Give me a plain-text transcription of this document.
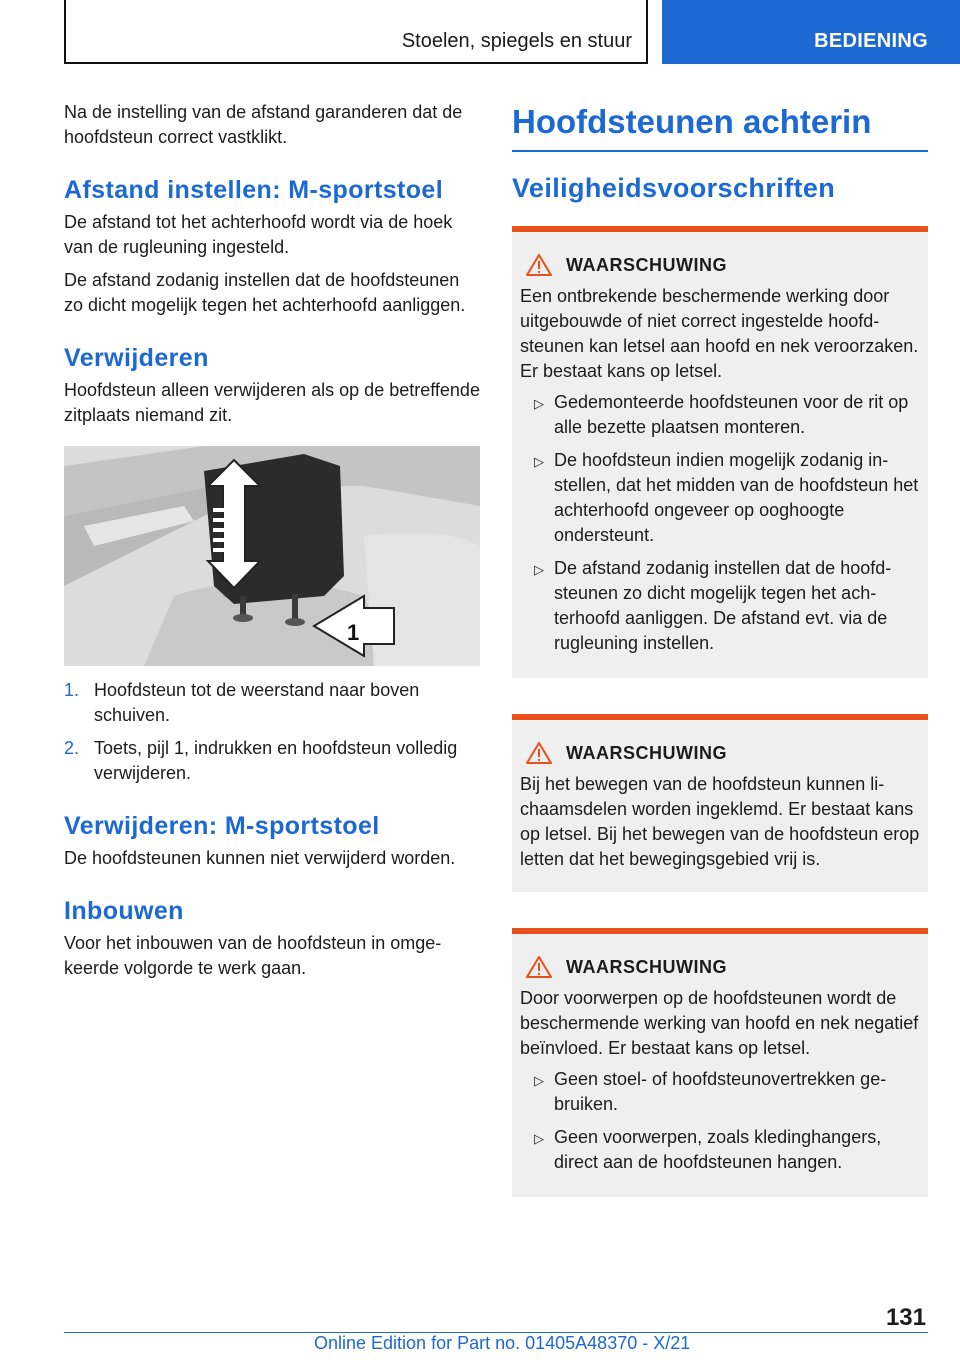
Stoelen, spiegels en stuur	BEDIENING

Na de instelling van de afstand garanderen dat de hoofdsteun correct vastklikt.

Afstand instellen: M-sportstoel

De afstand tot het achterhoofd wordt via de hoek van de rugleuning ingesteld.

De afstand zodanig instellen dat de hoofdsteunen zo dicht mogelijk tegen het achterhoofd aanliggen.

Verwijderen

Hoofdsteun alleen verwijderen als op de betreffende zitplaats niemand zit.

1
1. Hoofdsteun tot de weerstand naar boven schuiven.
2. Toets, pijl 1, indrukken en hoofdsteun volledig verwijderen.
Verwijderen: M-sportstoel

De hoofdsteunen kunnen niet verwijderd worden.

Inbouwen

Voor het inbouwen van de hoofdsteun in omgekeerde volgorde te werk gaan.

Hoofdsteunen achterin
Veiligheidsvoorschriften
WAARSCHUWING

Een ontbrekende beschermende werking door uitgebouwde of niet correct ingestelde hoofdsteunen kan letsel aan hoofd en nek veroorzaken. Er bestaat kans op letsel.

▷ Gedemonteerde hoofdsteunen voor de rit op alle bezette plaatsen monteren.
▷ De hoofdsteun indien mogelijk zodanig instellen, dat het midden van de hoofdsteun het achterhoofd ongeveer op ooghoogte ondersteunt.
▷ De afstand zodanig instellen dat de hoofdsteunen zo dicht mogelijk tegen het achterhoofd aanliggen. De afstand evt. via de rugleuning instellen.
WAARSCHUWING

Bij het bewegen van de hoofdsteun kunnen lichaamsdelen worden ingeklemd. Er bestaat kans op letsel. Bij het bewegen van de hoofdsteun erop letten dat het bewegingsgebied vrij is.

WAARSCHUWING

Door voorwerpen op de hoofdsteunen wordt de beschermende werking van hoofd en nek negatief beïnvloed. Er bestaat kans op letsel.

▷ Geen stoel- of hoofdsteunovertrekken gebruiken.
▷ Geen voorwerpen, zoals kledinghangers, direct aan de hoofdsteunen hangen.
131
Online Edition for Part no. 01405A48370 - X/21
